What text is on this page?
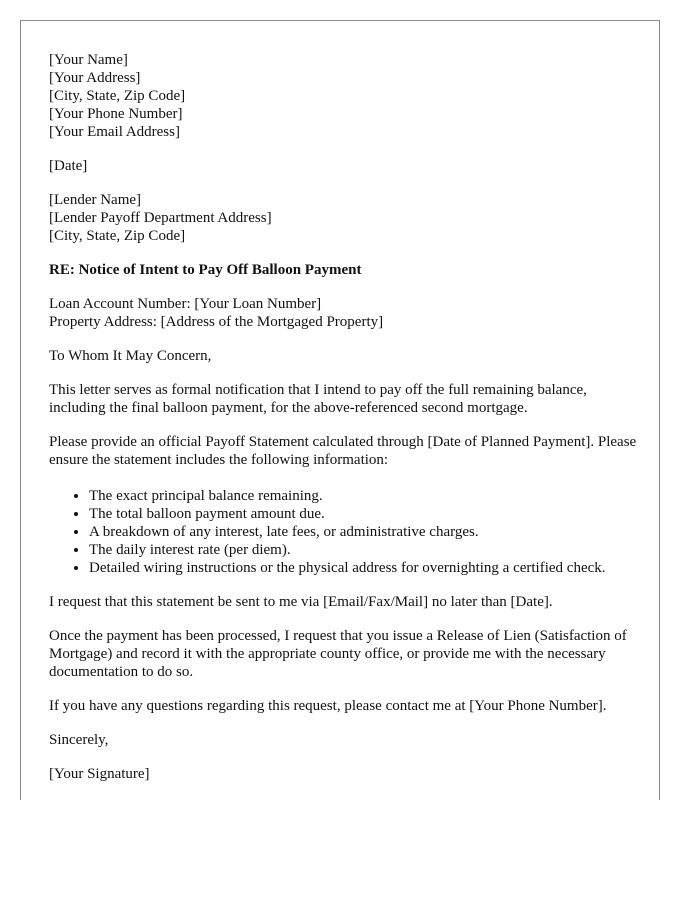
[Your Name]
[Your Address]
[City, State, Zip Code]
[Your Phone Number]
[Your Email Address]
[Date]
[Lender Name]
[Lender Payoff Department Address]
[City, State, Zip Code]
RE: Notice of Intent to Pay Off Balloon Payment
Loan Account Number: [Your Loan Number]
Property Address: [Address of the Mortgaged Property]

To Whom It May Concern,

This letter serves as formal notification that I intend to pay off the full remaining balance, including the final balloon payment, for the above-referenced second mortgage.

Please provide an official Payoff Statement calculated through [Date of Planned Payment]. Please ensure the statement includes the following information:

• The exact principal balance remaining.
• The total balloon payment amount due.
• A breakdown of any interest, late fees, or administrative charges.
• The daily interest rate (per diem).
• Detailed wiring instructions or the physical address for overnighting a certified check.

I request that this statement be sent to me via [Email/Fax/Mail] no later than [Date].

Once the payment has been processed, I request that you issue a Release of Lien (Satisfaction of Mortgage) and record it with the appropriate county office, or provide me with the necessary documentation to do so.

If you have any questions regarding this request, please contact me at [Your Phone Number].

Sincerely,

[Your Signature]
